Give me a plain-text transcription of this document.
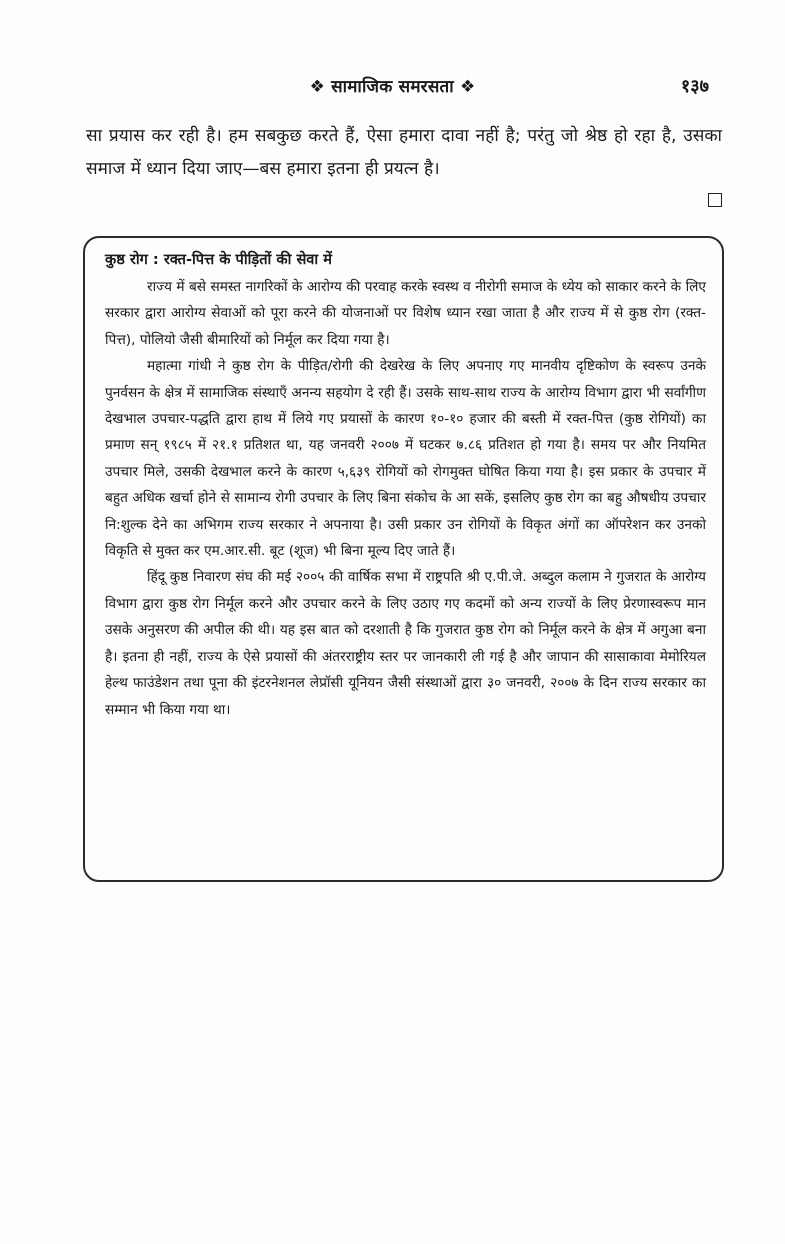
❖ सामाजिक समरसता ❖	१३७
सा प्रयास कर रही है। हम सबकुछ करते हैं, ऐसा हमारा दावा नहीं है; परंतु जो श्रेष्ठ हो रहा है, उसका समाज में ध्यान दिया जाए—बस हमारा इतना ही प्रयत्न है।
कुष्ठ रोग : रक्त-पित्त के पीड़ितों की सेवा में

राज्य में बसे समस्त नागरिकों के आरोग्य की परवाह करके स्वस्थ व नीरोगी समाज के ध्येय को साकार करने के लिए सरकार द्वारा आरोग्य सेवाओं को पूरा करने की योजनाओं पर विशेष ध्यान रखा जाता है और राज्य में से कुष्ठ रोग (रक्त-पित्त), पोलियो जैसी बीमारियों को निर्मूल कर दिया गया है।

महात्मा गांधी ने कुष्ठ रोग के पीड़ित/रोगी की देखरेख के लिए अपनाए गए मानवीय दृष्टिकोण के स्वरूप उनके पुनर्वसन के क्षेत्र में सामाजिक संस्थाएँ अनन्य सहयोग दे रही हैं। उसके साथ-साथ राज्य के आरोग्य विभाग द्वारा भी सर्वांगीण देखभाल उपचार-पद्धति द्वारा हाथ में लिये गए प्रयासों के कारण १०-१० हजार की बस्ती में रक्त-पित्त (कुष्ठ रोगियों) का प्रमाण सन् १९८५ में २१.१ प्रतिशत था, यह जनवरी २००७ में घटकर ७.८६ प्रतिशत हो गया है। समय पर और नियमित उपचार मिले, उसकी देखभाल करने के कारण ५,६३९ रोगियों को रोगमुक्त घोषित किया गया है। इस प्रकार के उपचार में बहुत अधिक खर्चा होने से सामान्य रोगी उपचार के लिए बिना संकोच के आ सकें, इसलिए कुष्ठ रोग का बहु औषधीय उपचार नि:शुल्क देने का अभिगम राज्य सरकार ने अपनाया है। उसी प्रकार उन रोगियों के विकृत अंगों का ऑपरेशन कर उनको विकृति से मुक्त कर एम.आर.सी. बूट (शूज) भी बिना मूल्य दिए जाते हैं।

हिंदू कुष्ठ निवारण संघ की मई २००५ की वार्षिक सभा में राष्ट्रपति श्री ए.पी.जे. अब्दुल कलाम ने गुजरात के आरोग्य विभाग द्वारा कुष्ठ रोग निर्मूल करने और उपचार करने के लिए उठाए गए कदमों को अन्य राज्यों के लिए प्रेरणास्वरूप मान उसके अनुसरण की अपील की थी। यह इस बात को दरशाती है कि गुजरात कुष्ठ रोग को निर्मूल करने के क्षेत्र में अगुआ बना है। इतना ही नहीं, राज्य के ऐसे प्रयासों की अंतरराष्ट्रीय स्तर पर जानकारी ली गई है और जापान की सासाकावा मेमोरियल हेल्थ फाउंडेशन तथा पूना की इंटरनेशनल लेप्रॉसी यूनियन जैसी संस्थाओं द्वारा ३० जनवरी, २००७ के दिन राज्य सरकार का सम्मान भी किया गया था।
